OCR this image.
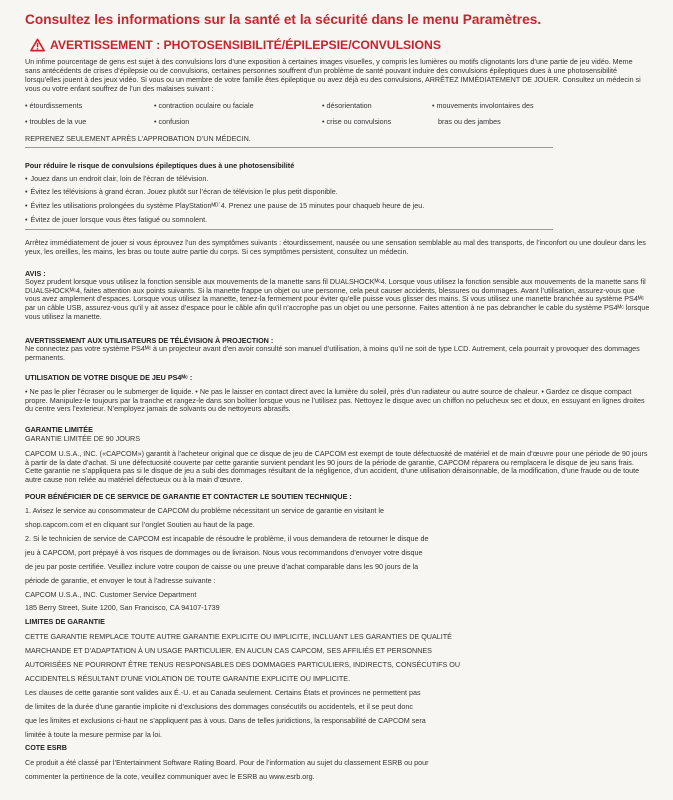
Consultez les informations sur la santé et la sécurité dans le menu Paramètres.
AVERTISSEMENT : PHOTOSENSIBILITÉ/ÉPILEPSIE/CONVULSIONS
Un infime pourcentage de gens est sujet à des convulsions lors d’une exposition à certaines images visuelles, y compris les lumières ou motifs clignotants lors d’une partie de jeu vidéo. Meme sans antécédents de crises d’épilepsie ou de convulsions, certaines personnes souffrent d’un problème de santé pouvant induire des convulsions épileptiques dues à une photosensibilité lorsqu’elles jouent à des jeux vidéo. Si vous ou un membre de votre famille êtes épileptique ou avez déjà eu des convulsions, ARRÊTEZ IMMÉDIATEMENT DE JOUER. Consultez un médecin si vous ou votre enfant souffrez de l’un des malaises suivant :
• étourdissements
• troubles de la vue
• contraction oculaire ou faciale
• confusion
• désorientation
• crise ou convulsions
• mouvements involontaires des
bras ou des jambes
REPRENEZ SEULEMENT APRÈS L’APPROBATION D’UN MÉDECIN.
Pour réduire le risque de convulsions épileptiques dues à une photosensibilité
• Jouez dans un endroit clair, loin de l’écran de télévision.
• Évitez les télévisions à grand écran. Jouez plutôt sur l’écran de télévision le plus petit disponible.
• Évitez les utilisations prolongées du système PlayStationᴹᴰ´4. Prenez une pause de 15 minutes pour chaqueb heure de jeu.
• Évitez de jouer lorsque vous êtes fatigué ou somnolent.
Arrêtez immédiatement de jouer si vous éprouvez l’un des symptômes suivants : étourdissement, nausée ou une sensation semblable au mal des transports, de l’inconfort ou une douleur dans les yeux, les oreilles, les mains, les bras ou toute autre partie du corps. Si ces symptômes persistent, consultez un médecin.
AVIS :
Soyez prudent lorsque vous utilisez la fonction sensible aux mouvements de la manette sans fil DUALSHOCKᴹᶜ4. Lorsque vous utilisez la fonction sensible aux mouvements de la manette sans fil DUALSHOCKᴹᶜ4, faites attention aux points suivants. Si la manette frappe un objet ou une personne, cela peut causer accidents, blessures ou dommages. Avant l’utilisation, assurez-vous que vous avez amplement d’espaces. Lorsque vous utilisez la manette, tenez-la fermement pour éviter qu’elle puisse vous glisser des mains. Si vous utilisez une manette branchée au système PS4ᴹᶜ par un câble USB, assurez-vous qu’il y ait assez d’espace pour le câble afin qu’il n’accrophe pas un objet ou une personne. Faites attention à ne pas debrancher le cable du système PS4ᴹᶜ lorsque vous utilisez la manette.
AVERTISSEMENT AUX UTILISATEURS DE TÉLÉVISION À PROJECTION :
Ne connectez pas votre système PS4ᴹᶜ à un projecteur avant d’en avoir consulté son manuel d’utilisation, à moins qu’il ne soit de type LCD. Autrement, cela pourrait y provoquer des dommages permanents.
UTILISATION DE VOTRE DISQUE DE JEU PS4ᴹᶜ :
• Ne pas le plier l’écraser ou le submerger de liquide. • Ne pas le laisser en contact direct avec la lumière du soleil, près d’un radiateur ou autre source de chaleur. • Gardez ce disque compact propre. Manipulez-le toujours par la tranche et rangez-le dans son boîtier lorsque vous ne l’utilisez pas. Nettoyez le disque avec un chiffon no pelucheux sec et doux, en essuyant en lignes droites du centre vers l’exterieur. N’employez jamais de solvants ou de nettoyeurs abrasifs.
GARANTIE LIMITÉE
GARANTIE LIMITÉE DE 90 JOURS
CAPCOM U.S.A., INC. («CAPCOM») garantit à l’acheteur original que ce disque de jeu de CAPCOM est exempt de toute défectuosité de matériel et de main d’œuvre pour une période de 90 jours à partir de la date d’achat. Si une défectuosité couverte par cette garantie survient pendant les 90 jours de la période de garantie, CAPCOM réparera ou remplacera le disque de jeu sans frais. Cette garantie ne s’appliquera pas si le disque de jeu a subi des dommages résultant de la négligence, d’un accident, d’une utilisation déraisonnable, de la modification, d’une fraude ou de toute autre cause non reliée au matériel défectueux ou à la main d’œuvre.
POUR BÉNÉFICIER DE CE SERVICE DE GARANTIE ET CONTACTER LE SOUTIEN TECHNIQUE :
1. Avisez le service au consommateur de CAPCOM du problème nécessitant un service de garantie en visitant le
shop.capcom.com et en cliquant sur l’onglet Soutien au haut de la page.
2. Si le technicien de service de CAPCOM est incapable de résoudre le problème, il vous demandera de retourner le disque de
jeu à CAPCOM, port prépayé à vos risques de dommages ou de livraison. Nous vous recommandons d’envoyer votre disque
de jeu par poste certifiée. Veuillez inclure votre coupon de caisse ou une preuve d’achat comparable dans les 90 jours de la
période de garantie, et envoyer le tout à l’adresse suivante :
CAPCOM U.S.A., INC. Customer Service Department
185 Berry Street, Suite 1200, San Francisco, CA 94107-1739
LIMITES DE GARANTIE
CETTE GARANTIE REMPLACE TOUTE AUTRE GARANTIE EXPLICITE OU IMPLICITE, INCLUANT LES GARANTIES DE QUALITÉ
MARCHANDE ET D’ADAPTATION À UN USAGE PARTICULIER. EN AUCUN CAS CAPCOM, SES AFFILIÉS ET PERSONNES
AUTORISÉES NE POURRONT ÊTRE TENUS RESPONSABLES DES DOMMAGES PARTICULIERS, INDIRECTS, CONSÉCUTIFS OU
ACCIDENTELS RÉSULTANT D’UNE VIOLATION DE TOUTE GARANTIE EXPLICITE OU IMPLICITE.
Les clauses de cette garantie sont valides aux É.-U. et au Canada seulement. Certains États et provinces ne permettent pas
de limites de la durée d’une garantie implicite ni d’exclusions des dommages consécutifs ou accidentels, et il se peut donc
que les limites et exclusions ci-haut ne s’appliquent pas à vous. Dans de telles juridictions, la responsabilité de CAPCOM sera
limitée à toute la mesure permise par la loi.
COTE ESRB
Ce produit a été classé par l’Entertainment Software Rating Board. Pour de l’information au sujet du classement ESRB ou pour
commenter la pertinence de la cote, veuillez communiquer avec le ESRB au www.esrb.org.
